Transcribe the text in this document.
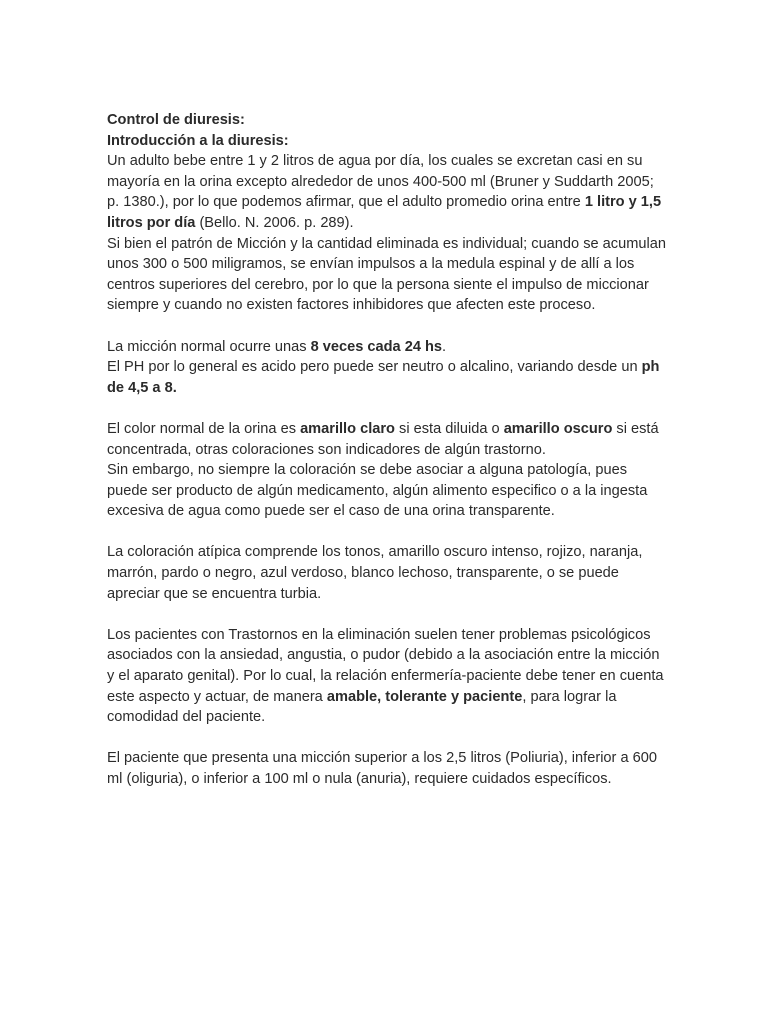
Control de diuresis:

Introducción a la diuresis:

Un adulto bebe entre 1 y 2 litros de agua por día, los cuales se excretan casi en su mayoría en la orina excepto alrededor de unos 400-500 ml (Bruner y Suddarth 2005; p. 1380.), por lo que podemos afirmar, que el adulto promedio orina entre 1 litro y 1,5 litros por día (Bello. N. 2006. p. 289).

Si bien el patrón de Micción y la cantidad eliminada es individual; cuando se acumulan unos 300 o 500 miligramos, se envían impulsos a la medula espinal y de allí a los centros superiores del cerebro, por lo que la persona siente el impulso de miccionar siempre y cuando no existen factores inhibidores que afecten este proceso.

La micción normal ocurre unas 8 veces cada 24 hs.

El PH por lo general es acido pero puede ser neutro o alcalino, variando desde un ph de 4,5 a 8.

El color normal de la orina es amarillo claro si esta diluida o amarillo oscuro si está concentrada, otras coloraciones son indicadores de algún trastorno.

Sin embargo, no siempre la coloración se debe asociar a alguna patología, pues puede ser producto de algún medicamento, algún alimento especifico o a la ingesta excesiva de agua como puede ser el caso de una orina transparente.

La coloración atípica comprende los tonos, amarillo oscuro intenso, rojizo, naranja, marrón, pardo o negro, azul verdoso, blanco lechoso, transparente, o se puede apreciar que se encuentra turbia.

Los pacientes con Trastornos en la eliminación suelen tener problemas psicológicos asociados con la ansiedad, angustia, o pudor (debido a la asociación entre la micción y el aparato genital). Por lo cual, la relación enfermería-paciente debe tener en cuenta este aspecto y actuar, de manera amable, tolerante y paciente, para lograr la comodidad del paciente.

El paciente que presenta una micción superior a los 2,5 litros (Poliuria), inferior a 600 ml (oliguria), o inferior a 100 ml o nula (anuria), requiere cuidados específicos.
